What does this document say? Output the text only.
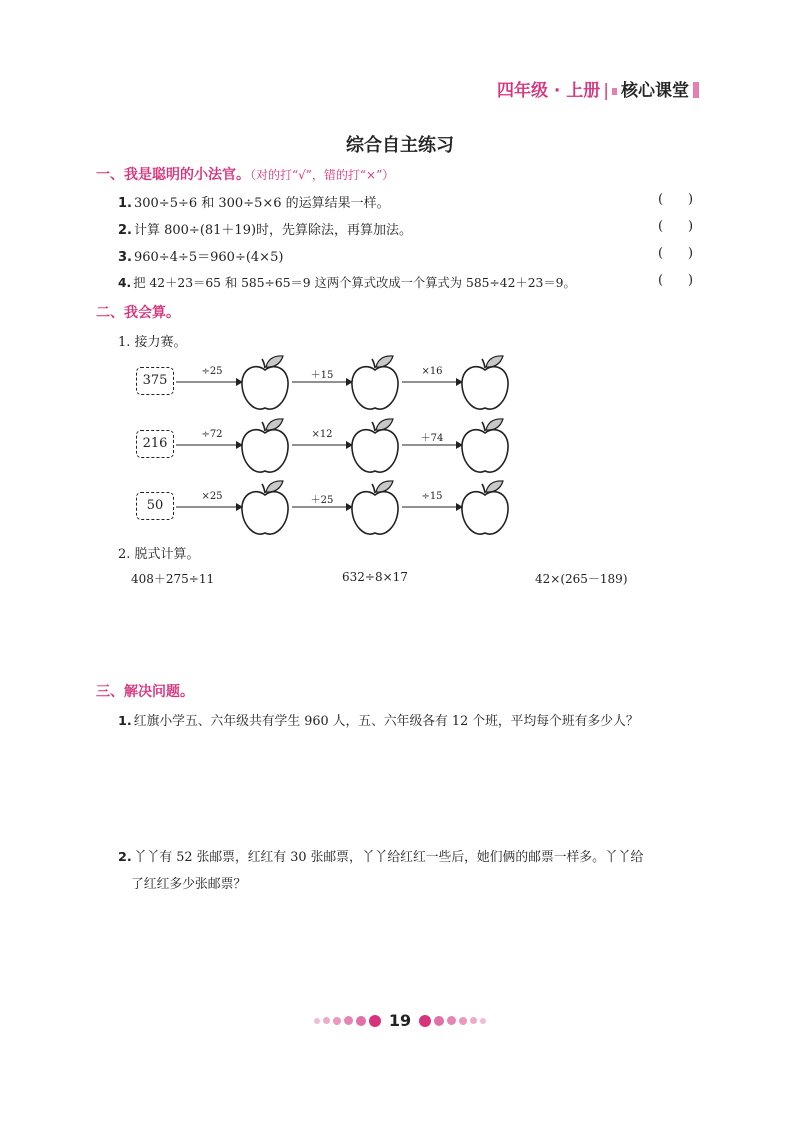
四年级 · 上册 | 核心课堂
综合自主练习
一、我是聪明的小法官。（对的打“√”，错的打“×”）
1. 300÷5÷6 和 300÷5×6 的运算结果一样。	( )
2. 计算 800÷(81＋19)时，先算除法，再算加法。	( )
3. 960÷4÷5＝960÷(4×5)	( )
4. 把 42＋23＝65 和 585÷65＝9 这两个算式改成一个算式为 585÷42＋23＝9。	( )
二、我会算。
1. 接力赛。
375
÷25	＋15	×16
216
÷72	×12	＋74
50
×25	＋25	÷15
2. 脱式计算。
408＋275÷11	632÷8×17	42×(265－189)
三、解决问题。
1. 红旗小学五、六年级共有学生 960 人，五、六年级各有 12 个班，平均每个班有多少人？
2. 丫丫有 52 张邮票，红红有 30 张邮票，丫丫给红红一些后，她们俩的邮票一样多。丫丫给
了红红多少张邮票？
19
